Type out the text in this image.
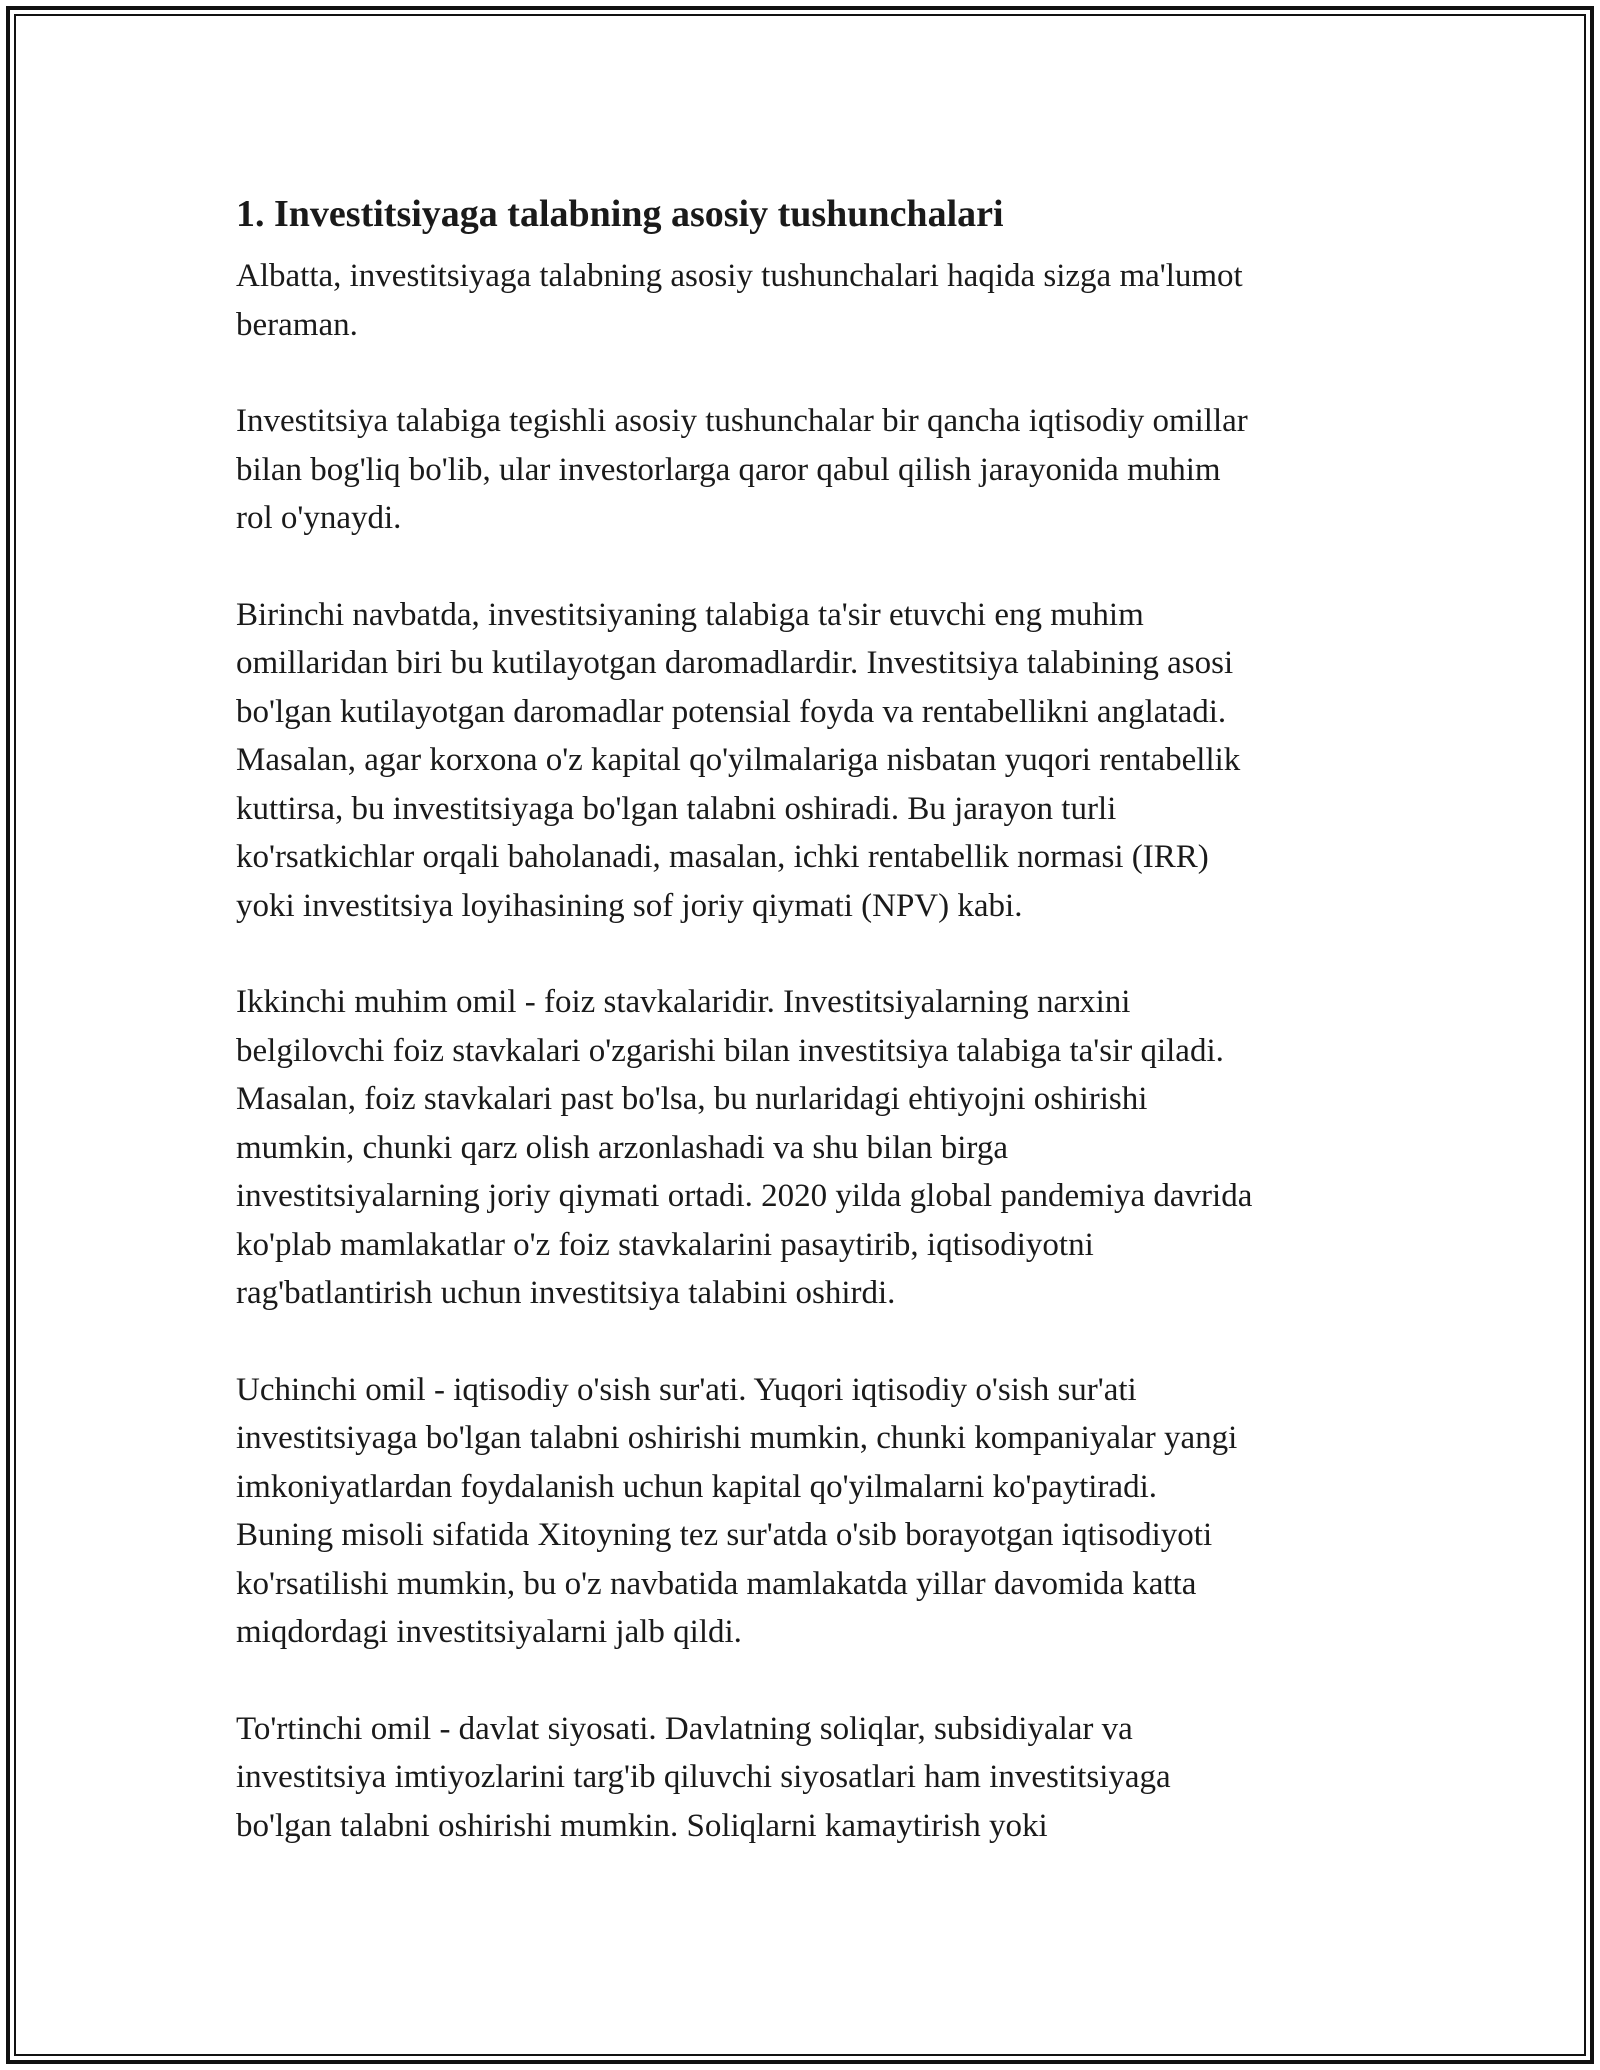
1. Investitsiyaga talabning asosiy tushunchalari

Albatta, investitsiyaga talabning asosiy tushunchalari haqida sizga ma'lumot
beraman.

Investitsiya talabiga tegishli asosiy tushunchalar bir qancha iqtisodiy omillar
bilan bog'liq bo'lib, ular investorlarga qaror qabul qilish jarayonida muhim
rol o'ynaydi.

Birinchi navbatda, investitsiyaning talabiga ta'sir etuvchi eng muhim
omillaridan biri bu kutilayotgan daromadlardir. Investitsiya talabining asosi
bo'lgan kutilayotgan daromadlar potensial foyda va rentabellikni anglatadi.
Masalan, agar korxona o'z kapital qo'yilmalariga nisbatan yuqori rentabellik
kuttirsa, bu investitsiyaga bo'lgan talabni oshiradi. Bu jarayon turli
ko'rsatkichlar orqali baholanadi, masalan, ichki rentabellik normasi (IRR)
yoki investitsiya loyihasining sof joriy qiymati (NPV) kabi.

Ikkinchi muhim omil - foiz stavkalaridir. Investitsiyalarning narxini
belgilovchi foiz stavkalari o'zgarishi bilan investitsiya talabiga ta'sir qiladi.
Masalan, foiz stavkalari past bo'lsa, bu nurlaridagi ehtiyojni oshirishi
mumkin, chunki qarz olish arzonlashadi va shu bilan birga
investitsiyalarning joriy qiymati ortadi. 2020 yilda global pandemiya davrida
ko'plab mamlakatlar o'z foiz stavkalarini pasaytirib, iqtisodiyotni
rag'batlantirish uchun investitsiya talabini oshirdi.

Uchinchi omil - iqtisodiy o'sish sur'ati. Yuqori iqtisodiy o'sish sur'ati
investitsiyaga bo'lgan talabni oshirishi mumkin, chunki kompaniyalar yangi
imkoniyatlardan foydalanish uchun kapital qo'yilmalarni ko'paytiradi.
Buning misoli sifatida Xitoyning tez sur'atda o'sib borayotgan iqtisodiyoti
ko'rsatilishi mumkin, bu o'z navbatida mamlakatda yillar davomida katta
miqdordagi investitsiyalarni jalb qildi.

To'rtinchi omil - davlat siyosati. Davlatning soliqlar, subsidiyalar va
investitsiya imtiyozlarini targ'ib qiluvchi siyosatlari ham investitsiyaga
bo'lgan talabni oshirishi mumkin. Soliqlarni kamaytirish yoki
